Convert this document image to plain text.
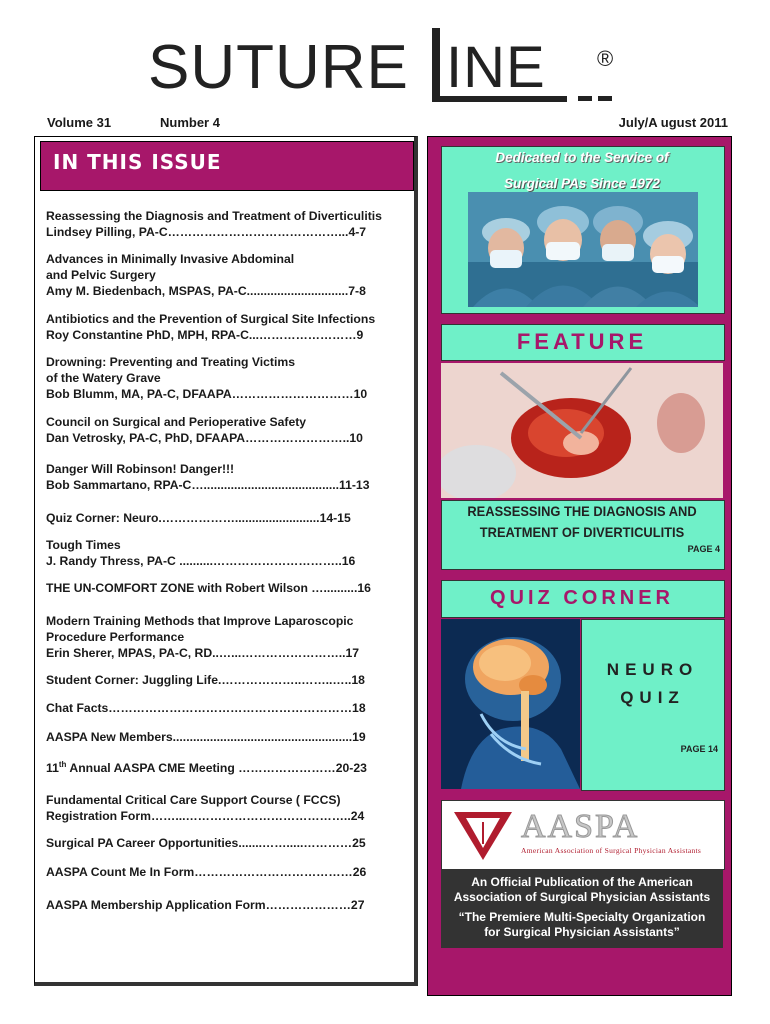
SUTURE INE ®
Volume 31	Number 4	July/A ugust 2011
IN THIS ISSUE
Reassessing the Diagnosis and Treatment of Diverticulitis
Lindsey Pilling, PA-C……………………………………...4-7
Advances in Minimally Invasive Abdominal
and Pelvic Surgery
Amy M. Biedenbach, MSPAS, PA-C..............................7-8
Antibiotics and the Prevention of Surgical Site Infections
Roy Constantine PhD, MPH, RPA-C...……………………9
Drowning: Preventing and Treating Victims
of the Watery Grave
Bob Blumm, MA, PA-C, DFAAPA…………………………10
Council on Surgical and Perioperative Safety
Dan Vetrosky, PA-C, PhD, DFAAPA……………………..10
Danger Will Robinson! Danger!!!
Bob Sammartano, RPA-C…........................................11-13
Quiz Corner: Neuro.……………….........................14-15
Tough Times
J. Randy Thress, PA-C ..........…………………………..16
THE UN-COMFORT ZONE with Robert Wilson …..........16
Modern Training Methods that Improve Laparoscopic
Procedure Performance
Erin Sherer, MPAS, PA-C, RD..…...……………………..17
Student Corner: Juggling Life.………………..……..…..18
Chat Facts……………………………………………………18
AASPA New Members.....................................................19
11th Annual AASPA CME Meeting ……………………20-23
Fundamental Critical Care Support Course ( FCCS)
Registration Form……...…………………………………..24
Surgical PA Career Opportunities.......…….....…………25
AASPA Count Me In Form…………………………………26
AASPA Membership Application Form…………………27
Dedicated to the Service of
Surgical PAs Since 1972
FEATURE
REASSESSING THE DIAGNOSIS AND
TREATMENT OF DIVERTICULITIS
PAGE 4
QUIZ CORNER
NEURO
QUIZ
PAGE 14
AASPA
American Association of Surgical Physician Assistants
An Official Publication of the American
Association of Surgical Physician Assistants
“The Premiere Multi-Specialty Organization
for Surgical Physician Assistants”
